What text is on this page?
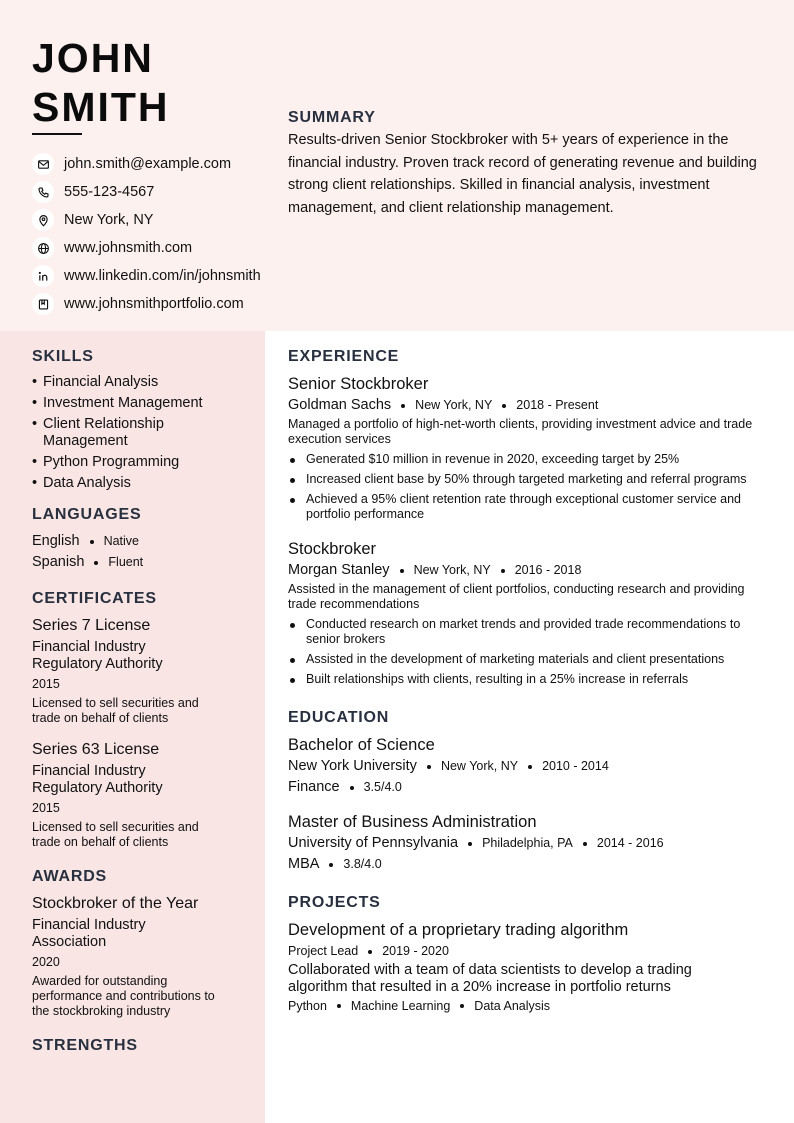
JOHN
SMITH
john.smith@example.com
555-123-4567
New York, NY
www.johnsmith.com
www.linkedin.com/in/johnsmith
www.johnsmithportfolio.com
SUMMARY
Results-driven Senior Stockbroker with 5+ years of experience in the financial industry. Proven track record of generating revenue and building strong client relationships. Skilled in financial analysis, investment management, and client relationship management.
SKILLS
• Financial Analysis
• Investment Management
• Client Relationship Management
• Python Programming
• Data Analysis
LANGUAGES
English Native
Spanish Fluent
CERTIFICATES
Series 7 License
Financial Industry Regulatory Authority
2015
Licensed to sell securities and trade on behalf of clients
Series 63 License
Financial Industry Regulatory Authority
2015
Licensed to sell securities and trade on behalf of clients
AWARDS
Stockbroker of the Year
Financial Industry Association
2020
Awarded for outstanding performance and contributions to the stockbroking industry
STRENGTHS
EXPERIENCE
Senior Stockbroker
Goldman Sachs New York, NY 2018 - Present
Managed a portfolio of high-net-worth clients, providing investment advice and trade execution services
Generated $10 million in revenue in 2020, exceeding target by 25%
Increased client base by 50% through targeted marketing and referral programs
Achieved a 95% client retention rate through exceptional customer service and portfolio performance
Stockbroker
Morgan Stanley New York, NY 2016 - 2018
Assisted in the management of client portfolios, conducting research and providing trade recommendations
Conducted research on market trends and provided trade recommendations to senior brokers
Assisted in the development of marketing materials and client presentations
Built relationships with clients, resulting in a 25% increase in referrals
EDUCATION
Bachelor of Science
New York University New York, NY 2010 - 2014
Finance 3.5/4.0
Master of Business Administration
University of Pennsylvania Philadelphia, PA 2014 - 2016
MBA 3.8/4.0
PROJECTS
Development of a proprietary trading algorithm
Project Lead 2019 - 2020
Collaborated with a team of data scientists to develop a trading algorithm that resulted in a 20% increase in portfolio returns
Python Machine Learning Data Analysis
